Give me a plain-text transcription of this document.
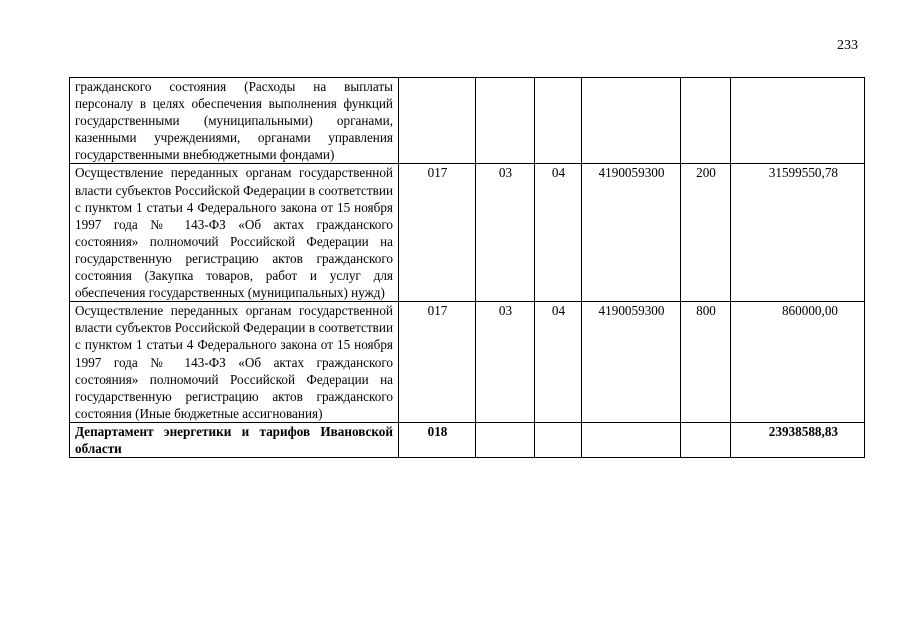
233
гражданского состояния (Расходы на выплаты персоналу в целях обеспечения выполнения функций государственными (муниципальными) органами, казенными учреждениями, органами управления государственными внебюджетными фондами)						
Осуществление переданных органам государственной власти субъектов Российской Федерации в соответствии с пунктом 1 статьи 4 Федерального закона от 15 ноября 1997 года № 143-ФЗ «Об актах гражданского состояния» полномочий Российской Федерации на государственную регистрацию актов гражданского состояния (Закупка товаров, работ и услуг для обеспечения государственных (муниципальных) нужд)	017	03	04	4190059300	200	31599550,78
Осуществление переданных органам государственной власти субъектов Российской Федерации в соответствии с пунктом 1 статьи 4 Федерального закона от 15 ноября 1997 года № 143-ФЗ «Об актах гражданского состояния» полномочий Российской Федерации на государственную регистрацию актов гражданского состояния (Иные бюджетные ассигнования)	017	03	04	4190059300	800	860000,00
Департамент энергетики и тарифов Ивановской области	018					23938588,83
